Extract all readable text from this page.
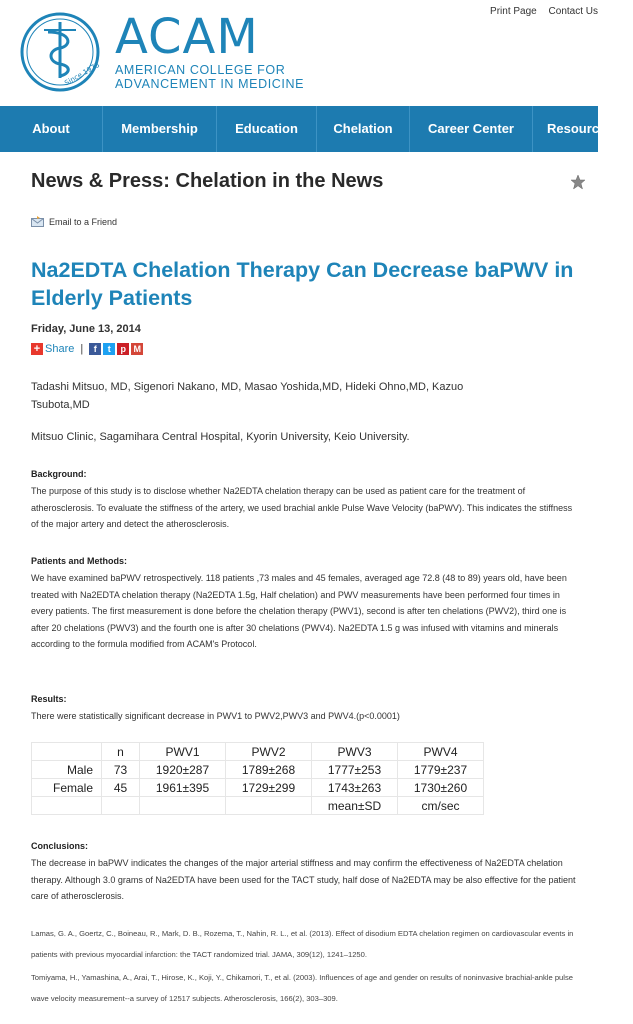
Since 1973
ACAM
AMERICAN COLLEGE FOR
ADVANCEMENT IN MEDICINE
Print Page Contact Us
About	Membership	Education	Chelation	Career Center	Resources
News & Press: Chelation in the News
Email to a Friend
Na2EDTA Chelation Therapy Can Decrease baPWV in Elderly Patients
Friday, June 13, 2014
+ Share |	f	t	p M
Tadashi Mitsuo, MD, Sigenori Nakano, MD, Masao Yoshida,MD, Hideki Ohno,MD, Kazuo Tsubota,MD
Mitsuo Clinic, Sagamihara Central Hospital, Kyorin University, Keio University.
Background:
The purpose of this study is to disclose whether Na2EDTA chelation therapy can be used as patient care for the treatment of atherosclerosis. To evaluate the stiffness of the artery, we used brachial ankle Pulse Wave Velocity (baPWV). This indicates the stiffness of the major artery and detect the atherosclerosis.
Patients and Methods:
We have examined baPWV retrospectively. 118 patients ,73 males and 45 females, averaged age 72.8 (48 to 89) years old, have been treated with Na2EDTA chelation therapy (Na2EDTA 1.5g, Half chelation) and PWV measurements have been performed four times in every patients. The first measurement is done before the chelation therapy (PWV1), second is after ten chelations (PWV2), third one is after 20 chelations (PWV3) and the fourth one is after 30 chelations (PWV4). Na2EDTA 1.5 g was infused with vitamins and minerals according to the formula modified from ACAM's Protocol.
Results:
There were statistically significant decrease in PWV1 to PWV2,PWV3 and PWV4.(p<0.0001)
	n	PWV1	PWV2	PWV3	PWV4
Male	73	1920±287	1789±268	1777±253	1779±237
Female	45	1961±395	1729±299	1743±263	1730±260
				mean±SD	cm/sec
Conclusions:
The decrease in baPWV indicates the changes of the major arterial stiffness and may confirm the effectiveness of Na2EDTA chelation therapy. Although 3.0 grams of Na2EDTA have been used for the TACT study, half dose of Na2EDTA may be also effective for the patient care of atherosclerosis.
Lamas, G. A., Goertz, C., Boineau, R., Mark, D. B., Rozema, T., Nahin, R. L., et al. (2013). Effect of disodium EDTA chelation regimen on cardiovascular events in patients with previous myocardial infarction: the TACT randomized trial. JAMA, 309(12), 1241–1250.
Tomiyama, H., Yamashina, A., Arai, T., Hirose, K., Koji, Y., Chikamori, T., et al. (2003). Influences of age and gender on results of noninvasive brachial-ankle pulse wave velocity measurement--a survey of 12517 subjects. Atherosclerosis, 166(2), 303–309.
